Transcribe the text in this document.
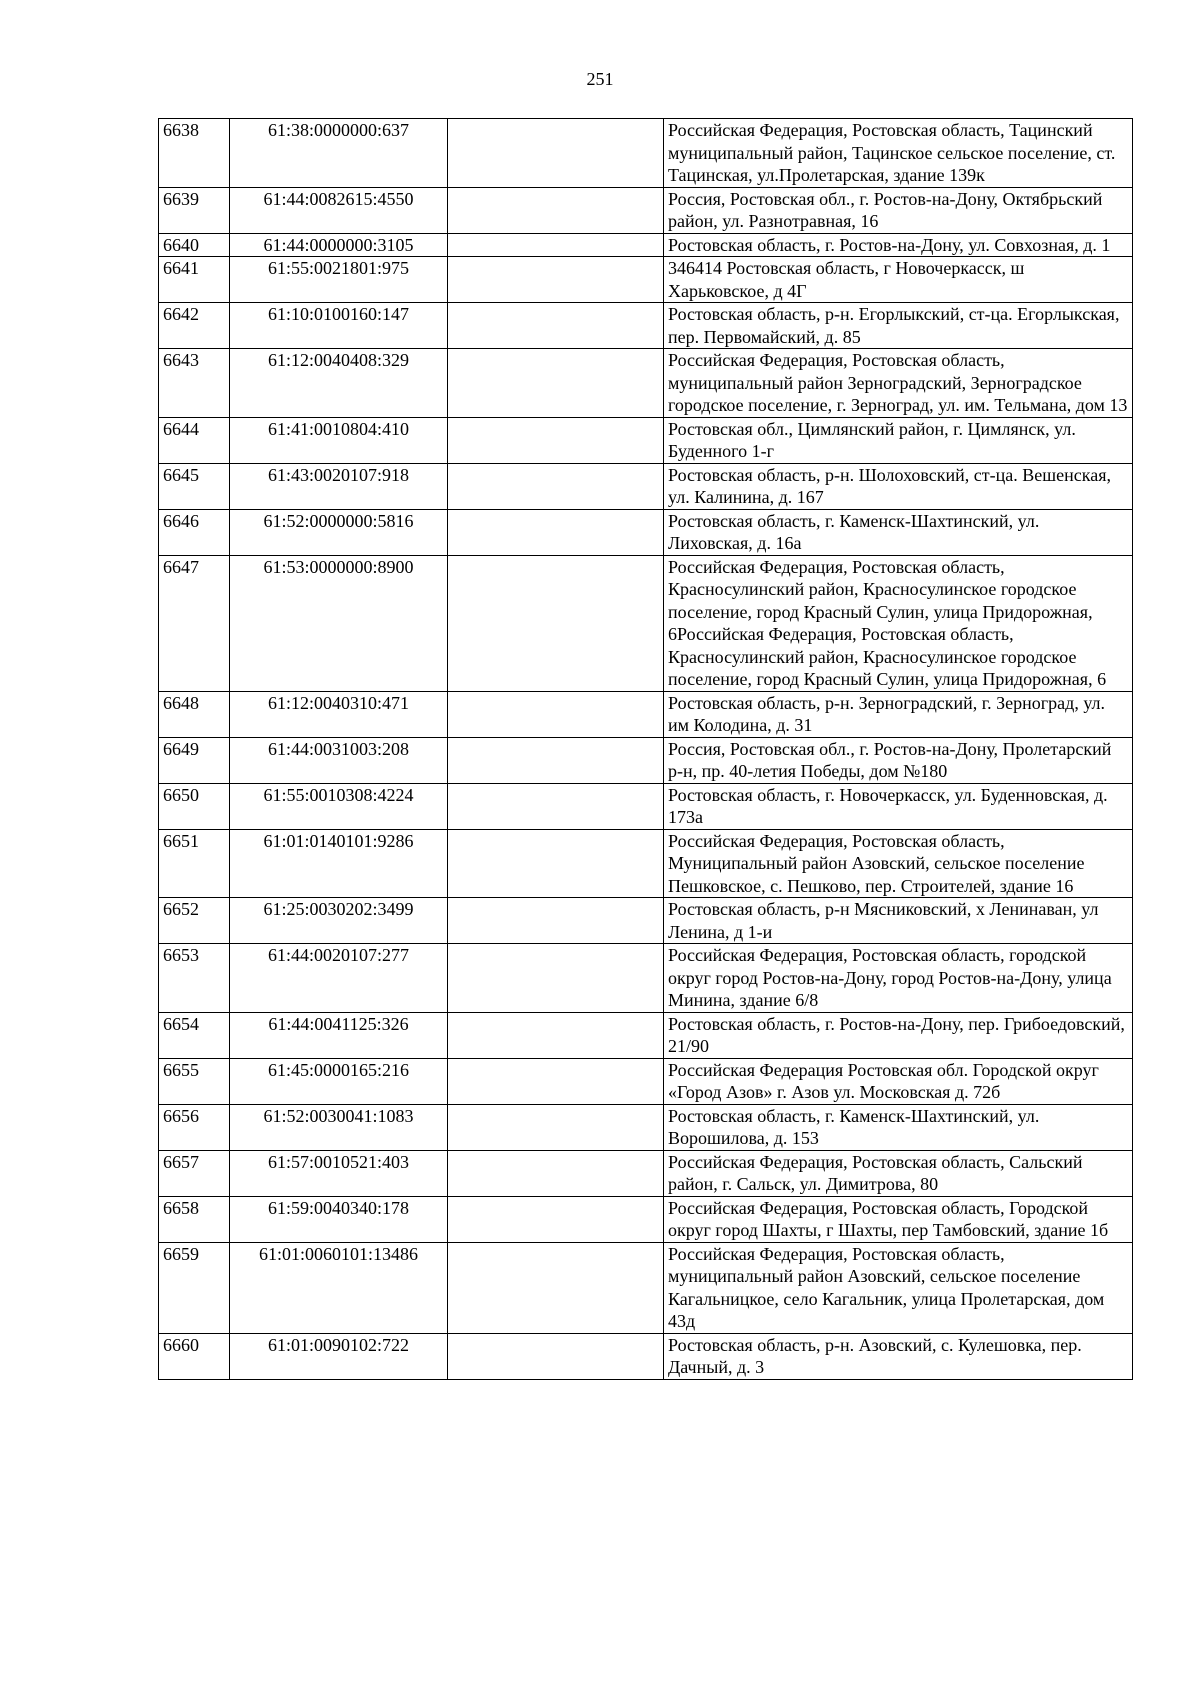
251
6638	61:38:0000000:637		Российская Федерация, Ростовская область, Тацинский муниципальный район, Тацинское сельское поселение, ст. Тацинская, ул.Пролетарская, здание 139к
6639	61:44:0082615:4550		Россия, Ростовская обл., г. Ростов-на-Дону, Октябрьский район, ул. Разнотравная, 16
6640	61:44:0000000:3105		Ростовская область, г. Ростов-на-Дону, ул. Совхозная, д. 1
6641	61:55:0021801:975		346414 Ростовская область, г Новочеркасск, ш Харьковское, д 4Г
6642	61:10:0100160:147		Ростовская область, р-н. Егорлыкский, ст-ца. Егорлыкская, пер. Первомайский, д. 85
6643	61:12:0040408:329		Российская Федерация, Ростовская область, муниципальный район Зерноградский, Зерноградское городское поселение, г. Зерноград, ул. им. Тельмана, дом 13
6644	61:41:0010804:410		Ростовская обл., Цимлянский район, г. Цимлянск, ул. Буденного 1-г
6645	61:43:0020107:918		Ростовская область, р-н. Шолоховский, ст-ца. Вешенская, ул. Калинина, д. 167
6646	61:52:0000000:5816		Ростовская область, г. Каменск-Шахтинский, ул. Лиховская, д. 16а
6647	61:53:0000000:8900		Российская Федерация, Ростовская область, Красносулинский район, Красносулинское городское поселение, город Красный Сулин, улица Придорожная, 6Российская Федерация, Ростовская область, Красносулинский район, Красносулинское городское поселение, город Красный Сулин, улица Придорожная, 6
6648	61:12:0040310:471		Ростовская область, р-н. Зерноградский, г. Зерноград, ул. им Колодина, д. 31
6649	61:44:0031003:208		Россия, Ростовская обл., г. Ростов-на-Дону, Пролетарский р-н, пр. 40-летия Победы, дом №180
6650	61:55:0010308:4224		Ростовская область, г. Новочеркасск, ул. Буденновская, д. 173а
6651	61:01:0140101:9286		Российская Федерация, Ростовская область, Муниципальный район Азовский, сельское поселение Пешковское, с. Пешково, пер. Строителей, здание 16
6652	61:25:0030202:3499		Ростовская область, р-н Мясниковский, х Ленинаван, ул Ленина, д 1-и
6653	61:44:0020107:277		Российская Федерация, Ростовская область, городской округ город Ростов-на-Дону, город Ростов-на-Дону, улица Минина, здание 6/8
6654	61:44:0041125:326		Ростовская область, г. Ростов-на-Дону, пер. Грибоедовский, 21/90
6655	61:45:0000165:216		Российская Федерация Ростовская обл. Городской округ «Город Азов» г. Азов ул. Московская д. 72б
6656	61:52:0030041:1083		Ростовская область, г. Каменск-Шахтинский, ул. Ворошилова, д. 153
6657	61:57:0010521:403		Российская Федерация, Ростовская область, Сальский район, г. Сальск, ул. Димитрова, 80
6658	61:59:0040340:178		Российская Федерация, Ростовская область, Городской округ город Шахты, г Шахты, пер Тамбовский, здание 1б
6659	61:01:0060101:13486		Российская Федерация, Ростовская область, муниципальный район Азовский, сельское поселение Кагальницкое, село Кагальник, улица Пролетарская, дом 43д
6660	61:01:0090102:722		Ростовская область, р-н. Азовский, с. Кулешовка, пер. Дачный, д. 3
